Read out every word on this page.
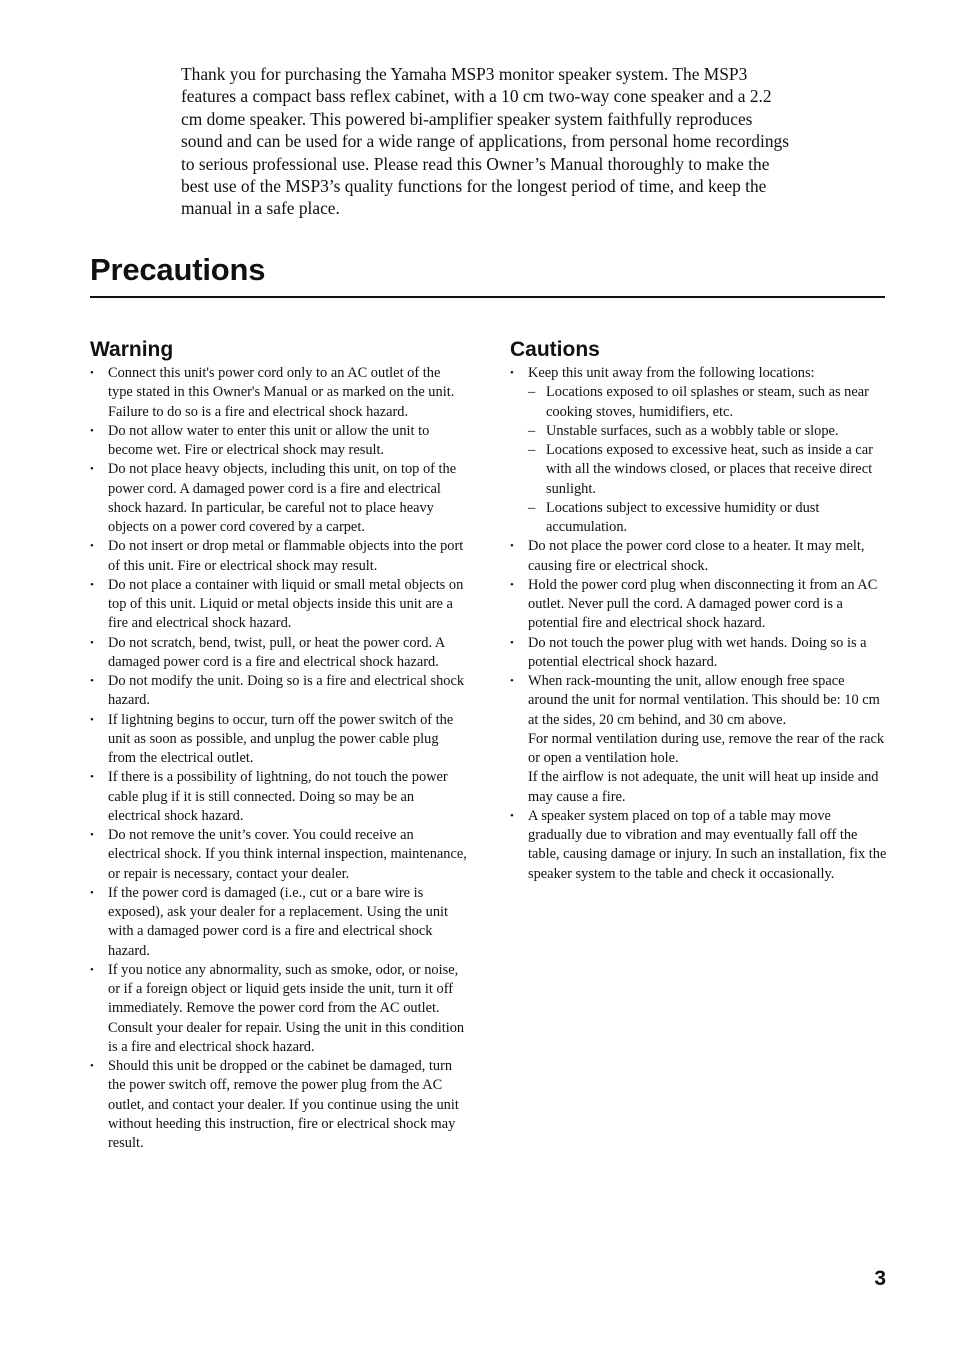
Thank you for purchasing the Yamaha MSP3 monitor speaker system. The MSP3 features a compact bass reflex cabinet, with a 10 cm two-way cone speaker and a 2.2 cm dome speaker. This powered bi-amplifier speaker system faithfully reproduces sound and can be used for a wide range of applications, from personal home recordings to serious professional use. Please read this Owner’s Manual thoroughly to make the best use of the MSP3’s quality functions for the longest period of time, and keep the manual in a safe place.

Precautions
Warning
• Connect this unit's power cord only to an AC outlet of the type stated in this Owner's Manual or as marked on the unit. Failure to do so is a fire and electrical shock hazard.
• Do not allow water to enter this unit or allow the unit to become wet. Fire or electrical shock may result.
• Do not place heavy objects, including this unit, on top of the power cord. A damaged power cord is a fire and electrical shock hazard. In particular, be careful not to place heavy objects on a power cord covered by a carpet.
• Do not insert or drop metal or flammable objects into the port of this unit. Fire or electrical shock may result.
• Do not place a container with liquid or small metal objects on top of this unit. Liquid or metal objects inside this unit are a fire and electrical shock hazard.
• Do not scratch, bend, twist, pull, or heat the power cord. A damaged power cord is a fire and electrical shock hazard.
• Do not modify the unit. Doing so is a fire and electrical shock hazard.
• If lightning begins to occur, turn off the power switch of the unit as soon as possible, and unplug the power cable plug from the electrical outlet.
• If there is a possibility of lightning, do not touch the power cable plug if it is still connected. Doing so may be an electrical shock hazard.
• Do not remove the unit’s cover. You could receive an electrical shock. If you think internal inspection, maintenance, or repair is necessary, contact your dealer.
• If the power cord is damaged (i.e., cut or a bare wire is exposed), ask your dealer for a replacement. Using the unit with a damaged power cord is a fire and electrical shock hazard.
• If you notice any abnormality, such as smoke, odor, or noise, or if a foreign object or liquid gets inside the unit, turn it off immediately. Remove the power cord from the AC outlet. Consult your dealer for repair. Using the unit in this condition is a fire and electrical shock hazard.
• Should this unit be dropped or the cabinet be damaged, turn the power switch off, remove the power plug from the AC outlet, and contact your dealer. If you continue using the unit without heeding this instruction, fire or electrical shock may result.
Cautions
• Keep this unit away from the following locations:
– Locations exposed to oil splashes or steam, such as near cooking stoves, humidifiers, etc.
– Unstable surfaces, such as a wobbly table or slope.
– Locations exposed to excessive heat, such as inside a car with all the windows closed, or places that receive direct sunlight.
– Locations subject to excessive humidity or dust accumulation.
• Do not place the power cord close to a heater. It may melt, causing fire or electrical shock.
• Hold the power cord plug when disconnecting it from an AC outlet. Never pull the cord. A damaged power cord is a potential fire and electrical shock hazard.
• Do not touch the power plug with wet hands. Doing so is a potential electrical shock hazard.
• When rack-mounting the unit, allow enough free space around the unit for normal ventilation. This should be: 10 cm at the sides, 20 cm behind, and 30 cm above.
For normal ventilation during use, remove the rear of the rack or open a ventilation hole.
If the airflow is not adequate, the unit will heat up inside and may cause a fire.
• A speaker system placed on top of a table may move gradually due to vibration and may eventually fall off the table, causing damage or injury. In such an installation, fix the speaker system to the table and check it occasionally.
3
